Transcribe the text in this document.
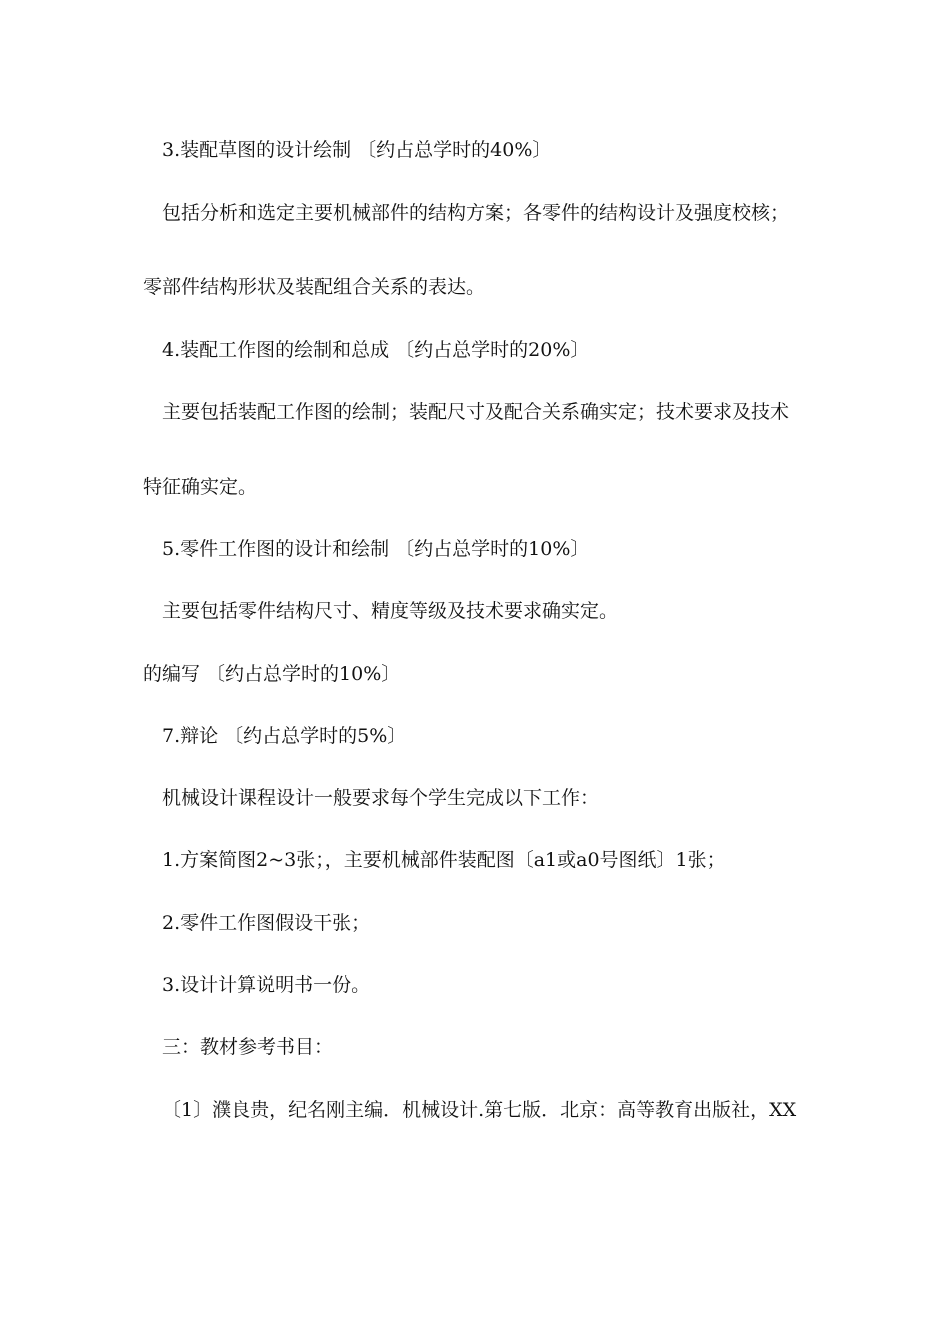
3.装配草图的设计绘制 〔约占总学时的40%〕
包括分析和选定主要机械部件的结构方案；各零件的结构设计及强度校核；
零部件结构形状及装配组合关系的表达。
4.装配工作图的绘制和总成 〔约占总学时的20%〕
主要包括装配工作图的绘制；装配尺寸及配合关系确实定；技术要求及技术
特征确实定。
5.零件工作图的设计和绘制 〔约占总学时的10%〕
主要包括零件结构尺寸、精度等级及技术要求确实定。
的编写 〔约占总学时的10%〕
7.辩论 〔约占总学时的5%〕
机械设计课程设计一般要求每个学生完成以下工作：
1.方案简图2~3张；，主要机械部件装配图〔a1或a0号图纸〕1张；
2.零件工作图假设干张；
3.设计计算说明书一份。
三：教材参考书目：
〔1〕濮良贵，纪名刚主编．机械设计.第七版．北京：高等教育出版社，XX
